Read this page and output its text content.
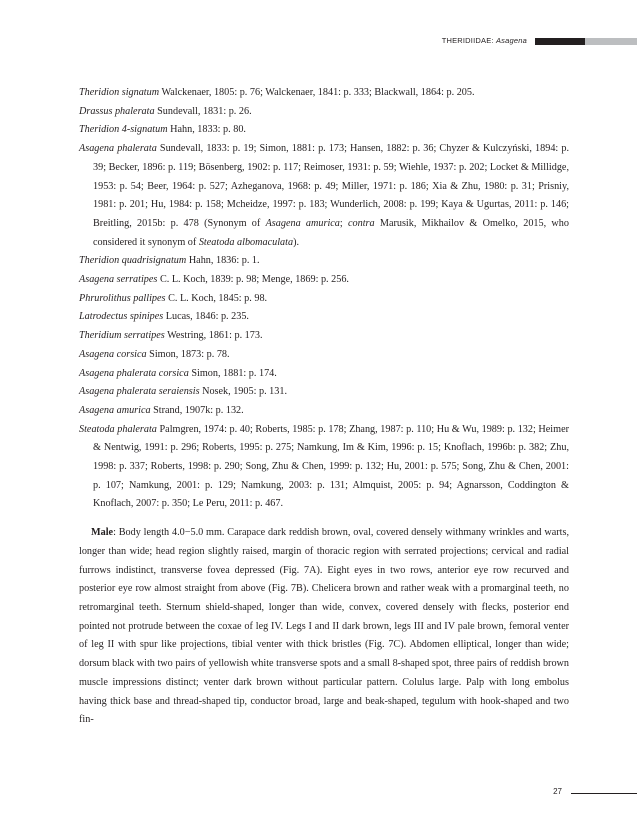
THERIDIIDAE: Asagena

Theridion signatum Walckenaer, 1805: p. 76; Walckenaer, 1841: p. 333; Blackwall, 1864: p. 205.

Drassus phalerata Sundevall, 1831: p. 26.

Theridion 4-signatum Hahn, 1833: p. 80.

Asagena phalerata Sundevall, 1833: p. 19; Simon, 1881: p. 173; Hansen, 1882: p. 36; Chyzer & Kulczyński, 1894: p. 39; Becker, 1896: p. 119; Bösenberg, 1902: p. 117; Reimoser, 1931: p. 59; Wiehle, 1937: p. 202; Locket & Millidge, 1953: p. 54; Beer, 1964: p. 527; Azheganova, 1968: p. 49; Miller, 1971: p. 186; Xia & Zhu, 1980: p. 31; Prisniy, 1981: p. 201; Hu, 1984: p. 158; Mcheidze, 1997: p. 183; Wunderlich, 2008: p. 199; Kaya & Ugurtas, 2011: p. 146; Breitling, 2015b: p. 478 (Synonym of Asagena amurica; contra Marusik, Mikhailov & Omelko, 2015, who considered it synonym of Steatoda albomaculata).

Theridion quadrisignatum Hahn, 1836: p. 1.

Asagena serratipes C. L. Koch, 1839: p. 98; Menge, 1869: p. 256.

Phrurolithus pallipes C. L. Koch, 1845: p. 98.

Latrodectus spinipes Lucas, 1846: p. 235.

Theridium serratipes Westring, 1861: p. 173.

Asagena corsica Simon, 1873: p. 78.

Asagena phalerata corsica Simon, 1881: p. 174.

Asagena phalerata seraiensis Nosek, 1905: p. 131.

Asagena amurica Strand, 1907k: p. 132.

Steatoda phalerata Palmgren, 1974: p. 40; Roberts, 1985: p. 178; Zhang, 1987: p. 110; Hu & Wu, 1989: p. 132; Heimer & Nentwig, 1991: p. 296; Roberts, 1995: p. 275; Namkung, Im & Kim, 1996: p. 15; Knoflach, 1996b: p. 382; Zhu, 1998: p. 337; Roberts, 1998: p. 290; Song, Zhu & Chen, 1999: p. 132; Hu, 2001: p. 575; Song, Zhu & Chen, 2001: p. 107; Namkung, 2001: p. 129; Namkung, 2003: p. 131; Almquist, 2005: p. 94; Agnarsson, Coddington & Knoflach, 2007: p. 350; Le Peru, 2011: p. 467.

Male: Body length 4.0−5.0 mm. Carapace dark reddish brown, oval, covered densely withmany wrinkles and warts, longer than wide; head region slightly raised, margin of thoracic region with serrated projections; cervical and radial furrows indistinct, transverse fovea depressed (Fig. 7A). Eight eyes in two rows, anterior eye row recurved and posterior eye row almost straight from above (Fig. 7B). Chelicera brown and rather weak with a promarginal teeth, no retromarginal teeth. Sternum shield-shaped, longer than wide, convex, covered densely with flecks, posterior end pointed not protrude between the coxae of leg IV. Legs I and II dark brown, legs III and IV pale brown, femoral venter of leg II with spur like projections, tibial venter with thick bristles (Fig. 7C). Abdomen elliptical, longer than wide; dorsum black with two pairs of yellowish white transverse spots and a small 8-shaped spot, three pairs of reddish brown muscle impressions distinct; venter dark brown without particular pattern. Colulus large. Palp with long embolus having thick base and thread-shaped tip, conductor broad, large and beak-shaped, tegulum with hook-shaped and two fin-

27
